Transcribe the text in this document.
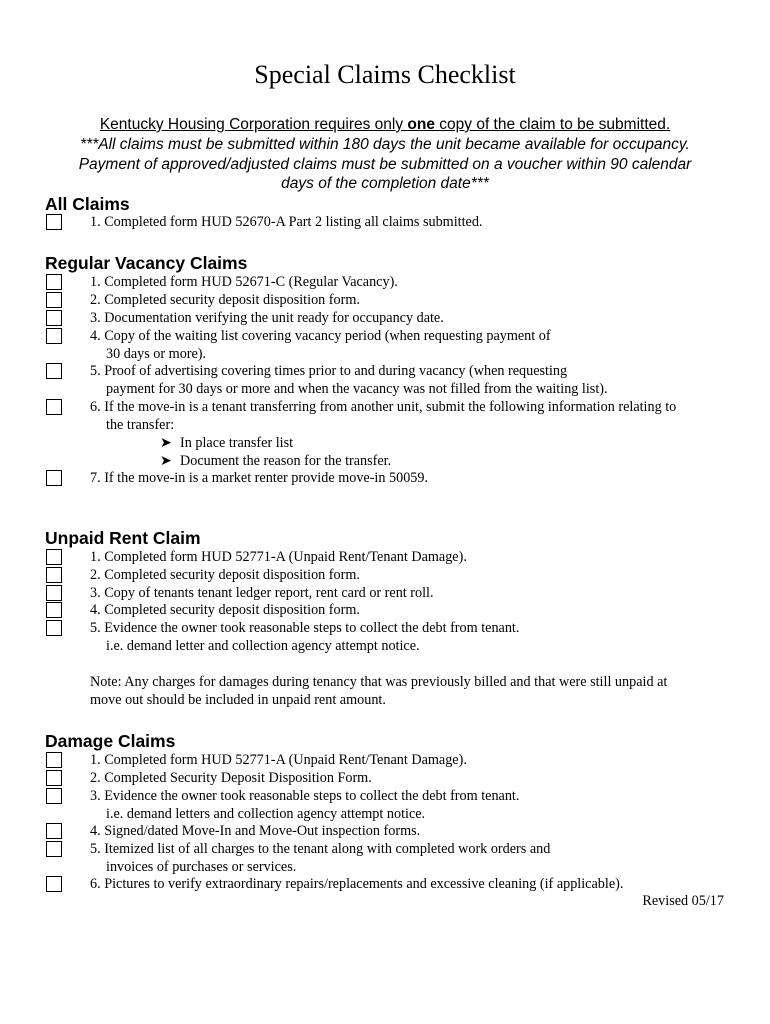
Special Claims Checklist
Kentucky Housing Corporation requires only one copy of the claim to be submitted.
***All claims must be submitted within 180 days the unit became available for occupancy.
Payment of approved/adjusted claims must be submitted on a voucher within 90 calendar
days of the completion date***
All Claims
1. Completed form HUD 52670-A Part 2 listing all claims submitted.
Regular Vacancy Claims
1. Completed form HUD 52671-C (Regular Vacancy).
2. Completed security deposit disposition form.
3. Documentation verifying the unit ready for occupancy date.
4. Copy of the waiting list covering vacancy period (when requesting payment of
30 days or more).
5. Proof of advertising covering times prior to and during vacancy (when requesting
payment for 30 days or more and when the vacancy was not filled from the waiting list).
6. If the move-in is a tenant transferring from another unit, submit the following information relating to
the transfer:
➤ In place transfer list
➤ Document the reason for the transfer.
7. If the move-in is a market renter provide move-in 50059.
Unpaid Rent Claim
1. Completed form HUD 52771-A (Unpaid Rent/Tenant Damage).
2. Completed security deposit disposition form.
3. Copy of tenants tenant ledger report, rent card or rent roll.
4. Completed security deposit disposition form.
5. Evidence the owner took reasonable steps to collect the debt from tenant.
i.e. demand letter and collection agency attempt notice.
Note: Any charges for damages during tenancy that was previously billed and that were still unpaid at
move out should be included in unpaid rent amount.
Damage Claims
1. Completed form HUD 52771-A (Unpaid Rent/Tenant Damage).
2. Completed Security Deposit Disposition Form.
3. Evidence the owner took reasonable steps to collect the debt from tenant.
i.e. demand letters and collection agency attempt notice.
4. Signed/dated Move-In and Move-Out inspection forms.
5. Itemized list of all charges to the tenant along with completed work orders and
invoices of purchases or services.
6. Pictures to verify extraordinary repairs/replacements and excessive cleaning (if applicable).
Revised 05/17
